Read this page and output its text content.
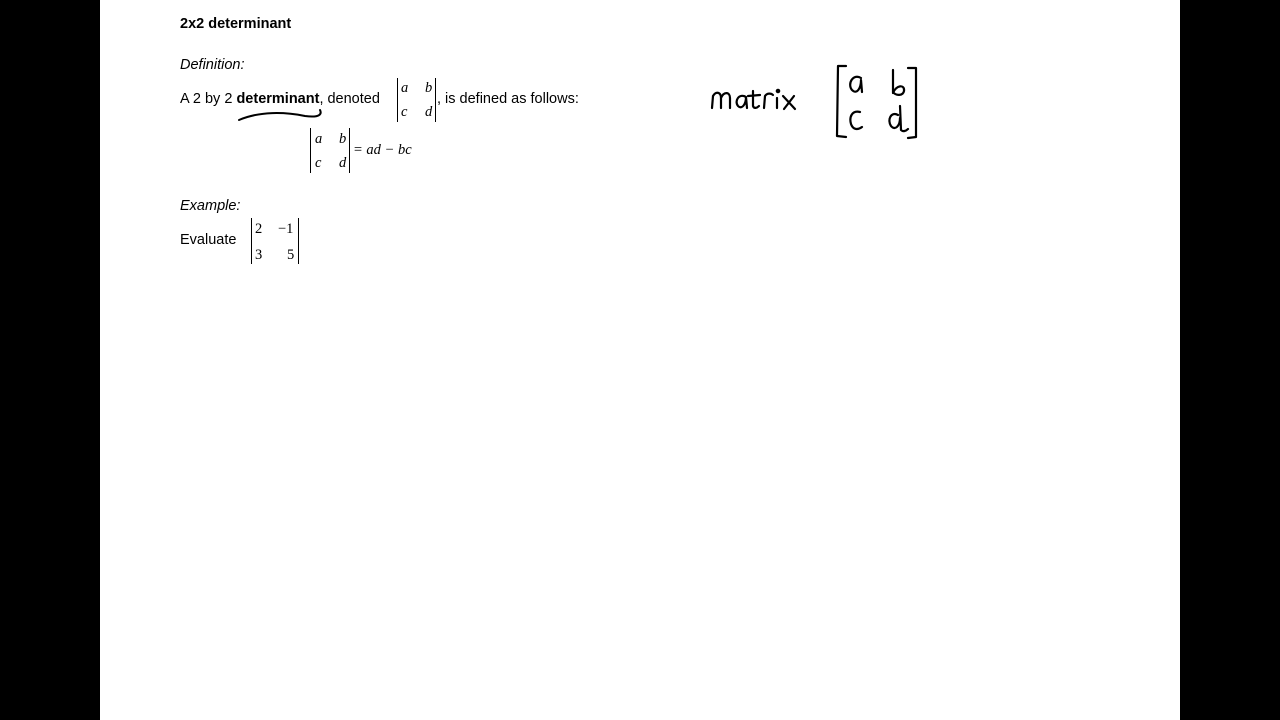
2x2 determinant
Definition:
A 2 by 2 determinant, denoted
a b
c d
, is defined as follows:
a b
c d
= ad − bc
Example:
Evaluate
2 −1
3 5
